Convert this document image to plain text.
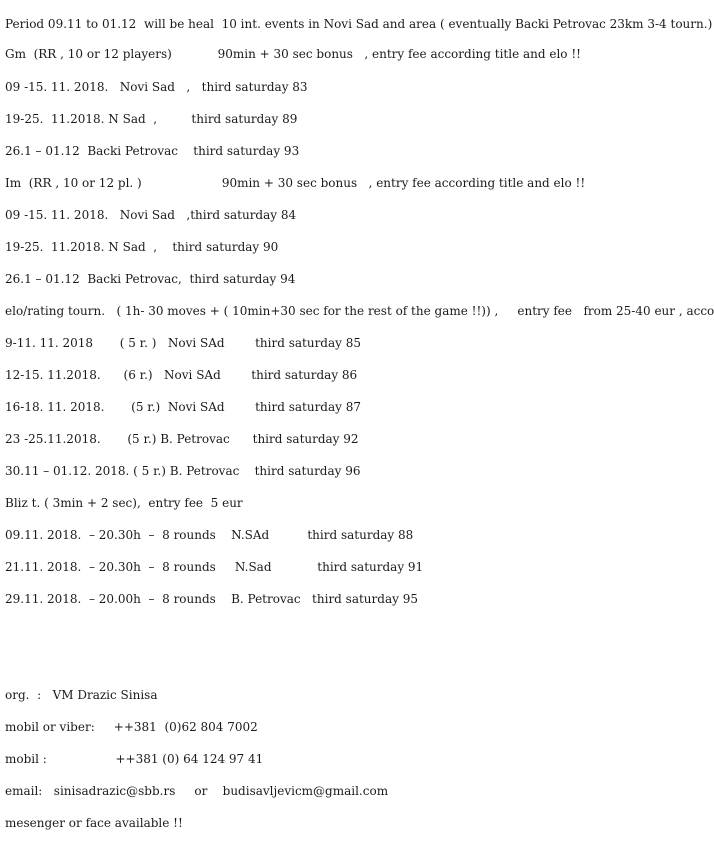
Period 09.11 to 01.12  will be heal  10 int. events in Novi Sad and area ( eventually Backi Petrovac 23km 3-4 tourn.)
Gm  (RR , 10 or 12 players)            90min + 30 sec bonus   , entry fee according title and elo !!
09 -15. 11. 2018.   Novi Sad   ,   third saturday 83
19-25.  11.2018. N Sad  ,         third saturday 89
26.1 – 01.12  Backi Petrovac    third saturday 93
Im  (RR , 10 or 12 pl. )                     90min + 30 sec bonus   , entry fee according title and elo !!
09 -15. 11. 2018.   Novi Sad   ,third saturday 84
19-25.  11.2018. N Sad  ,    third saturday 90
26.1 – 01.12  Backi Petrovac,  third saturday 94
elo/rating tourn.   ( 1h- 30 moves + ( 10min+30 sec for the rest of the game !!)) ,     entry fee   from 25-40 eur , acco
9-11. 11. 2018       ( 5 r. )   Novi SAd        third saturday 85
12-15. 11.2018.      (6 r.)   Novi SAd        third saturday 86
16-18. 11. 2018.       (5 r.)  Novi SAd        third saturday 87
23 -25.11.2018.       (5 r.) B. Petrovac      third saturday 92
30.11 – 01.12. 2018. ( 5 r.) B. Petrovac    third saturday 96
Bliz t. ( 3min + 2 sec),  entry fee  5 eur
09.11. 2018.  – 20.30h  –  8 rounds    N.SAd          third saturday 88
21.11. 2018.  – 20.30h  –  8 rounds     N.Sad            third saturday 91
29.11. 2018.  – 20.00h  –  8 rounds    B. Petrovac   third saturday 95
org.  :   VM Drazic Sinisa
mobil or viber:     ++381  (0)62 804 7002
mobil :                  ++381 (0) 64 124 97 41
email:   sinisadrazic@sbb.rs     or    budisavljevicm@gmail.com
mesenger or face available !!
